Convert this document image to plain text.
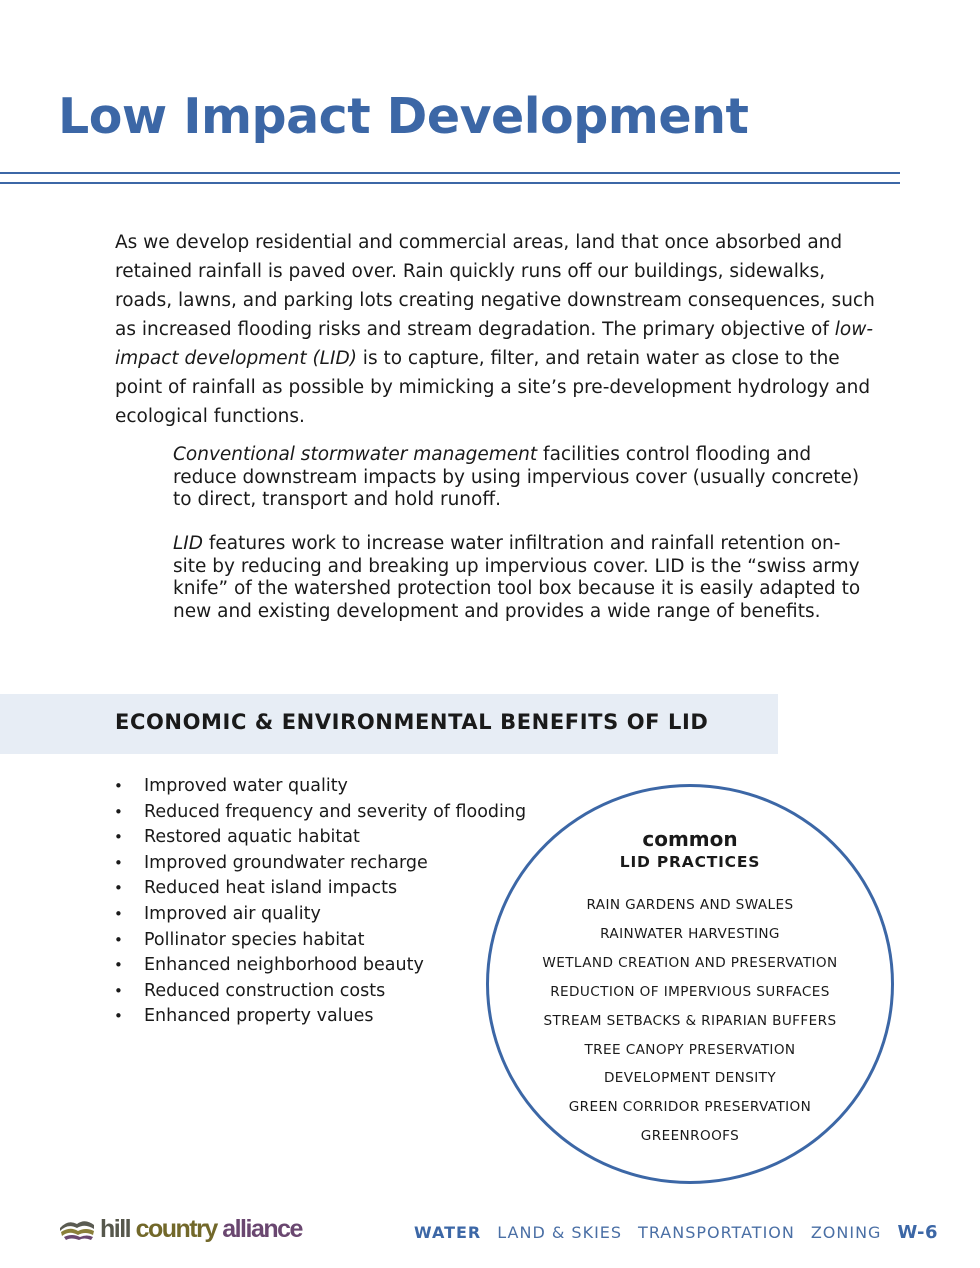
Low Impact Development

As we develop residential and commercial areas, land that once absorbed and retained rainfall is paved over. Rain quickly runs off our buildings, sidewalks, roads, lawns, and parking lots creating negative downstream consequences, such as increased flooding risks and stream degradation. The primary objective of low-impact development (LID) is to capture, filter, and retain water as close to the point of rainfall as possible by mimicking a site’s pre-development hydrology and ecological functions.

Conventional stormwater management facilities control flooding and reduce downstream impacts by using impervious cover (usually concrete) to direct, transport and hold runoff.

LID features work to increase water infiltration and rainfall retention on-site by reducing and breaking up impervious cover. LID is the “swiss army knife” of the watershed protection tool box because it is easily adapted to new and existing development and provides a wide range of benefits.

ECONOMIC & ENVIRONMENTAL BENEFITS OF LID
• Improved water quality
• Reduced frequency and severity of flooding
• Restored aquatic habitat
• Improved groundwater recharge
• Reduced heat island impacts
• Improved air quality
• Pollinator species habitat
• Enhanced neighborhood beauty
• Reduced construction costs
• Enhanced property values

common

LID PRACTICES

RAIN GARDENS AND SWALES
RAINWATER HARVESTING
WETLAND CREATION AND PRESERVATION
REDUCTION OF IMPERVIOUS SURFACES
STREAM SETBACKS & RIPARIAN BUFFERS
TREE CANOPY PRESERVATION
DEVELOPMENT DENSITY
GREEN CORRIDOR PRESERVATION
GREENROOFS
hill country alliance	WATER LAND & SKIES TRANSPORTATION ZONING W-6
